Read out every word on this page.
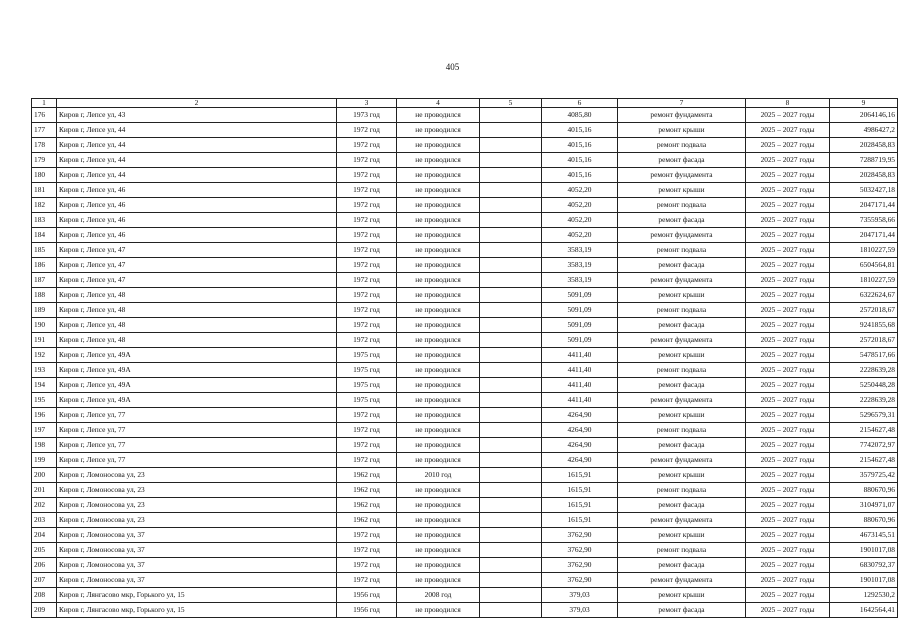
405
1	2	3	4	5	6	7	8	9
176	Киров г, Лепсе ул, 43	1973 год	не проводился		4085,80	ремонт фундамента	2025 – 2027 годы	2064146,16
177	Киров г, Лепсе ул, 44	1972 год	не проводился		4015,16	ремонт крыши	2025 – 2027 годы	4986427,2
178	Киров г, Лепсе ул, 44	1972 год	не проводился		4015,16	ремонт подвала	2025 – 2027 годы	2028458,83
179	Киров г, Лепсе ул, 44	1972 год	не проводился		4015,16	ремонт фасада	2025 – 2027 годы	7288719,95
180	Киров г, Лепсе ул, 44	1972 год	не проводился		4015,16	ремонт фундамента	2025 – 2027 годы	2028458,83
181	Киров г, Лепсе ул, 46	1972 год	не проводился		4052,20	ремонт крыши	2025 – 2027 годы	5032427,18
182	Киров г, Лепсе ул, 46	1972 год	не проводился		4052,20	ремонт подвала	2025 – 2027 годы	2047171,44
183	Киров г, Лепсе ул, 46	1972 год	не проводился		4052,20	ремонт фасада	2025 – 2027 годы	7355958,66
184	Киров г, Лепсе ул, 46	1972 год	не проводился		4052,20	ремонт фундамента	2025 – 2027 годы	2047171,44
185	Киров г, Лепсе ул, 47	1972 год	не проводился		3583,19	ремонт подвала	2025 – 2027 годы	1810227,59
186	Киров г, Лепсе ул, 47	1972 год	не проводился		3583,19	ремонт фасада	2025 – 2027 годы	6504564,81
187	Киров г, Лепсе ул, 47	1972 год	не проводился		3583,19	ремонт фундамента	2025 – 2027 годы	1810227,59
188	Киров г, Лепсе ул, 48	1972 год	не проводился		5091,09	ремонт крыши	2025 – 2027 годы	6322624,67
189	Киров г, Лепсе ул, 48	1972 год	не проводился		5091,09	ремонт подвала	2025 – 2027 годы	2572018,67
190	Киров г, Лепсе ул, 48	1972 год	не проводился		5091,09	ремонт фасада	2025 – 2027 годы	9241855,68
191	Киров г, Лепсе ул, 48	1972 год	не проводился		5091,09	ремонт фундамента	2025 – 2027 годы	2572018,67
192	Киров г, Лепсе ул, 49А	1975 год	не проводился		4411,40	ремонт крыши	2025 – 2027 годы	5478517,66
193	Киров г, Лепсе ул, 49А	1975 год	не проводился		4411,40	ремонт подвала	2025 – 2027 годы	2228639,28
194	Киров г, Лепсе ул, 49А	1975 год	не проводился		4411,40	ремонт фасада	2025 – 2027 годы	5250448,28
195	Киров г, Лепсе ул, 49А	1975 год	не проводился		4411,40	ремонт фундамента	2025 – 2027 годы	2228639,28
196	Киров г, Лепсе ул, 77	1972 год	не проводился		4264,90	ремонт крыши	2025 – 2027 годы	5296579,31
197	Киров г, Лепсе ул, 77	1972 год	не проводился		4264,90	ремонт подвала	2025 – 2027 годы	2154627,48
198	Киров г, Лепсе ул, 77	1972 год	не проводился		4264,90	ремонт фасада	2025 – 2027 годы	7742072,97
199	Киров г, Лепсе ул, 77	1972 год	не проводился		4264,90	ремонт фундамента	2025 – 2027 годы	2154627,48
200	Киров г, Ломоносова ул, 23	1962 год	2010 год		1615,91	ремонт крыши	2025 – 2027 годы	3579725,42
201	Киров г, Ломоносова ул, 23	1962 год	не проводился		1615,91	ремонт подвала	2025 – 2027 годы	880670,96
202	Киров г, Ломоносова ул, 23	1962 год	не проводился		1615,91	ремонт фасада	2025 – 2027 годы	3104971,07
203	Киров г, Ломоносова ул, 23	1962 год	не проводился		1615,91	ремонт фундамента	2025 – 2027 годы	880670,96
204	Киров г, Ломоносова ул, 37	1972 год	не проводился		3762,90	ремонт крыши	2025 – 2027 годы	4673145,51
205	Киров г, Ломоносова ул, 37	1972 год	не проводился		3762,90	ремонт подвала	2025 – 2027 годы	1901017,08
206	Киров г, Ломоносова ул, 37	1972 год	не проводился		3762,90	ремонт фасада	2025 – 2027 годы	6830792,37
207	Киров г, Ломоносова ул, 37	1972 год	не проводился		3762,90	ремонт фундамента	2025 – 2027 годы	1901017,08
208	Киров г, Лянгасово мкр, Горького ул, 15	1956 год	2008 год		379,03	ремонт крыши	2025 – 2027 годы	1292530,2
209	Киров г, Лянгасово мкр, Горького ул, 15	1956 год	не проводился		379,03	ремонт фасада	2025 – 2027 годы	1642564,41
